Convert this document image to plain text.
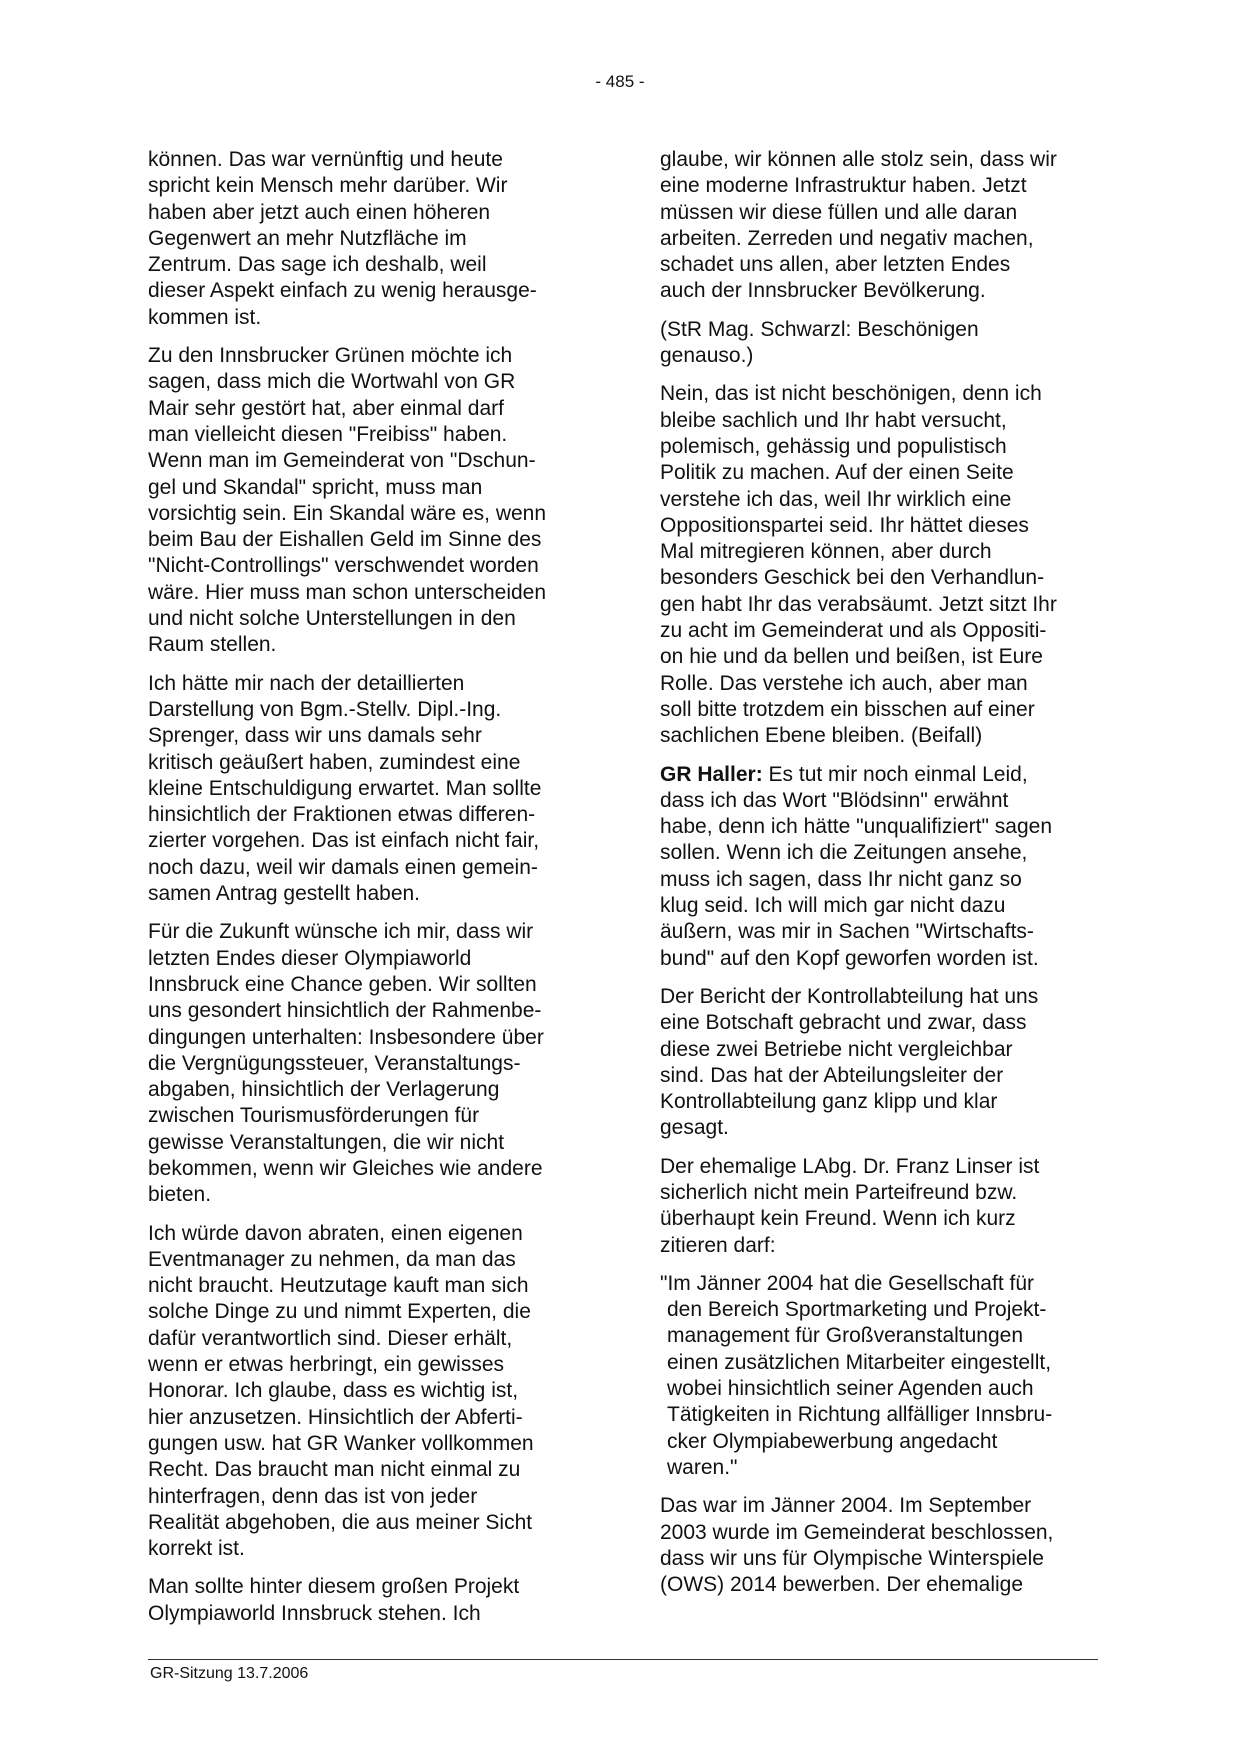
- 485 -

können. Das war vernünftig und heute
spricht kein Mensch mehr darüber. Wir
haben aber jetzt auch einen höheren
Gegenwert an mehr Nutzfläche im
Zentrum. Das sage ich deshalb, weil
dieser Aspekt einfach zu wenig herausge-
kommen ist.

Zu den Innsbrucker Grünen möchte ich
sagen, dass mich die Wortwahl von GR
Mair sehr gestört hat, aber einmal darf
man vielleicht diesen "Freibiss" haben.
Wenn man im Gemeinderat von "Dschun-
gel und Skandal" spricht, muss man
vorsichtig sein. Ein Skandal wäre es, wenn
beim Bau der Eishallen Geld im Sinne des
"Nicht-Controllings" verschwendet worden
wäre. Hier muss man schon unterscheiden
und nicht solche Unterstellungen in den
Raum stellen.

Ich hätte mir nach der detaillierten
Darstellung von Bgm.-Stellv. Dipl.-Ing.
Sprenger, dass wir uns damals sehr
kritisch geäußert haben, zumindest eine
kleine Entschuldigung erwartet. Man sollte
hinsichtlich der Fraktionen etwas differen-
zierter vorgehen. Das ist einfach nicht fair,
noch dazu, weil wir damals einen gemein-
samen Antrag gestellt haben.

Für die Zukunft wünsche ich mir, dass wir
letzten Endes dieser Olympiaworld
Innsbruck eine Chance geben. Wir sollten
uns gesondert hinsichtlich der Rahmenbe-
dingungen unterhalten: Insbesondere über
die Vergnügungssteuer, Veranstaltungs-
abgaben, hinsichtlich der Verlagerung
zwischen Tourismusförderungen für
gewisse Veranstaltungen, die wir nicht
bekommen, wenn wir Gleiches wie andere
bieten.

Ich würde davon abraten, einen eigenen
Eventmanager zu nehmen, da man das
nicht braucht. Heutzutage kauft man sich
solche Dinge zu und nimmt Experten, die
dafür verantwortlich sind. Dieser erhält,
wenn er etwas herbringt, ein gewisses
Honorar. Ich glaube, dass es wichtig ist,
hier anzusetzen. Hinsichtlich der Abferti-
gungen usw. hat GR Wanker vollkommen
Recht. Das braucht man nicht einmal zu
hinterfragen, denn das ist von jeder
Realität abgehoben, die aus meiner Sicht
korrekt ist.

Man sollte hinter diesem großen Projekt
Olympiaworld Innsbruck stehen. Ich

glaube, wir können alle stolz sein, dass wir
eine moderne Infrastruktur haben. Jetzt
müssen wir diese füllen und alle daran
arbeiten. Zerreden und negativ machen,
schadet uns allen, aber letzten Endes
auch der Innsbrucker Bevölkerung.

(StR Mag. Schwarzl: Beschönigen
genauso.)

Nein, das ist nicht beschönigen, denn ich
bleibe sachlich und Ihr habt versucht,
polemisch, gehässig und populistisch
Politik zu machen. Auf der einen Seite
verstehe ich das, weil Ihr wirklich eine
Oppositionspartei seid. Ihr hättet dieses
Mal mitregieren können, aber durch
besonders Geschick bei den Verhandlun-
gen habt Ihr das verabsäumt. Jetzt sitzt Ihr
zu acht im Gemeinderat und als Oppositi-
on hie und da bellen und beißen, ist Eure
Rolle. Das verstehe ich auch, aber man
soll bitte trotzdem ein bisschen auf einer
sachlichen Ebene bleiben. (Beifall)

GR Haller: Es tut mir noch einmal Leid,
dass ich das Wort "Blödsinn" erwähnt
habe, denn ich hätte "unqualifiziert" sagen
sollen. Wenn ich die Zeitungen ansehe,
muss ich sagen, dass Ihr nicht ganz so
klug seid. Ich will mich gar nicht dazu
äußern, was mir in Sachen "Wirtschafts-
bund" auf den Kopf geworfen worden ist.

Der Bericht der Kontrollabteilung hat uns
eine Botschaft gebracht und zwar, dass
diese zwei Betriebe nicht vergleichbar
sind. Das hat der Abteilungsleiter der
Kontrollabteilung ganz klipp und klar
gesagt.

Der ehemalige LAbg. Dr. Franz Linser ist
sicherlich nicht mein Parteifreund bzw.
überhaupt kein Freund. Wenn ich kurz
zitieren darf:

"Im Jänner 2004 hat die Gesellschaft für
den Bereich Sportmarketing und Projekt-
management für Großveranstaltungen
einen zusätzlichen Mitarbeiter eingestellt,
wobei hinsichtlich seiner Agenden auch
Tätigkeiten in Richtung allfälliger Innsbru-
cker Olympiabewerbung angedacht
waren."

Das war im Jänner 2004. Im September
2003 wurde im Gemeinderat beschlossen,
dass wir uns für Olympische Winterspiele
(OWS) 2014 bewerben. Der ehemalige

GR-Sitzung 13.7.2006
